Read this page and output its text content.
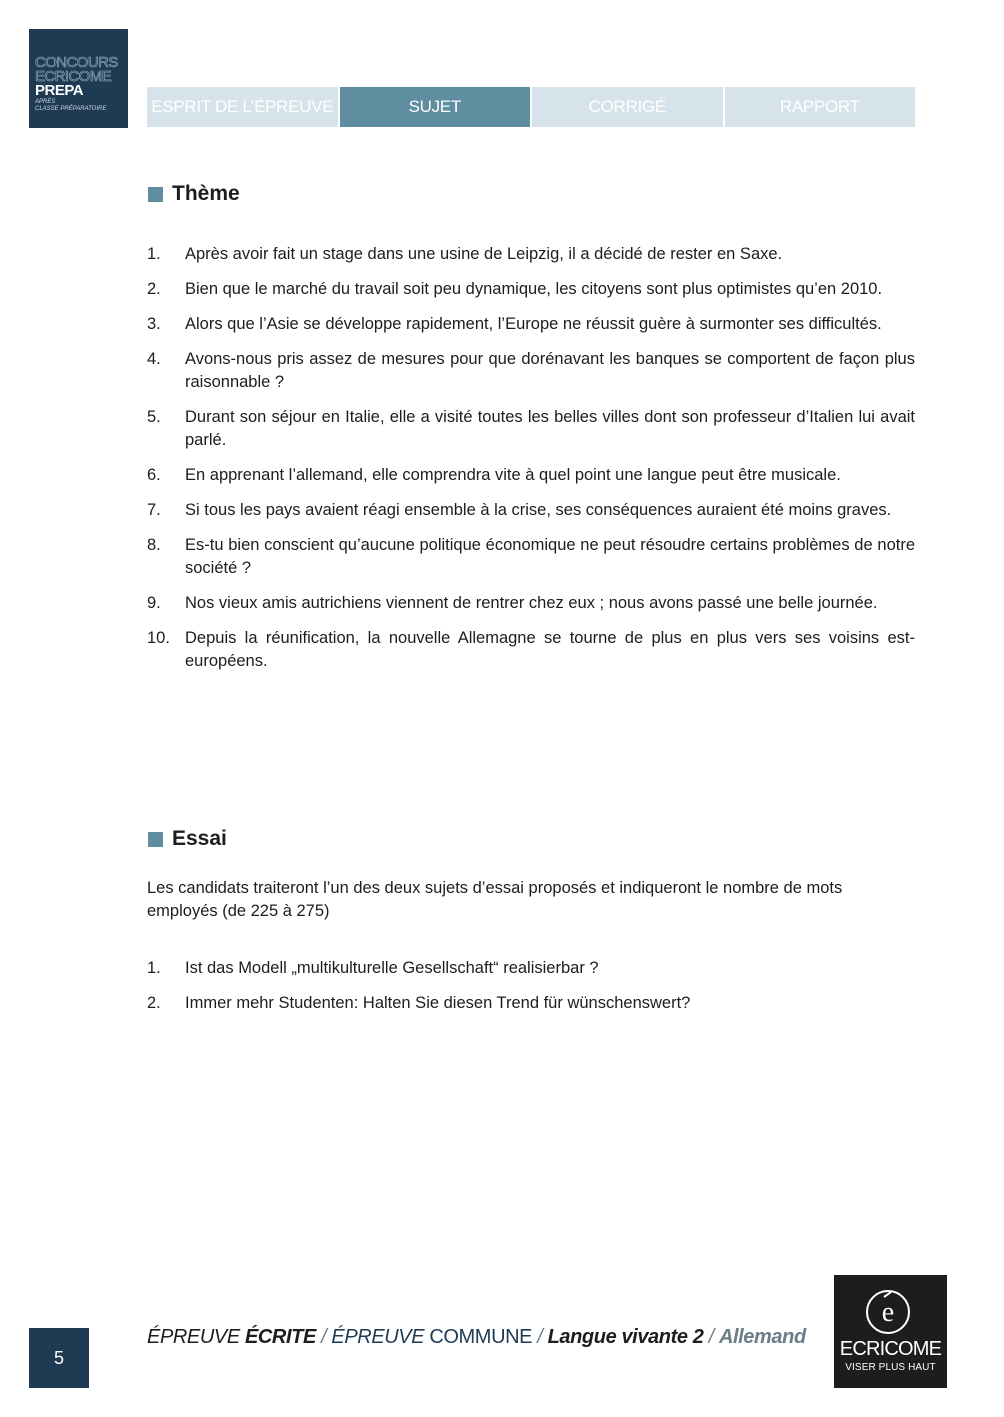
CONCOURS
ECRICOME
PREPA
APRÈS
CLASSE PRÉPARATOIRE	ESPRIT DE L’ÉPREUVE	SUJET	CORRIGÉ	RAPPORT
Thème
1.	Après avoir fait un stage dans une usine de Leipzig, il a décidé de rester en Saxe.
2.	Bien que le marché du travail soit peu dynamique, les citoyens sont plus optimistes qu’en 2010.
3.	Alors que l’Asie se développe rapidement, l’Europe ne réussit guère à surmonter ses difficultés.
4.	Avons-nous pris assez de mesures pour que dorénavant les banques se comportent de façon plus raisonnable ?
5.	Durant son séjour en Italie, elle a visité toutes les belles villes dont son professeur d’Italien lui avait parlé.
6.	En apprenant l’allemand, elle comprendra vite à quel point une langue peut être musicale.
7.	Si tous les pays avaient réagi ensemble à la crise, ses conséquences auraient été moins graves.
8.	Es-tu bien conscient qu’aucune politique économique ne peut résoudre certains problèmes de notre société ?
9.	Nos vieux amis autrichiens viennent de rentrer chez eux ; nous avons passé une belle journée.
10. Depuis la réunification, la nouvelle Allemagne se tourne de plus en plus vers ses voisins est-européens.
Essai

Les candidats traiteront l’un des deux sujets d’essai proposés et indiqueront le nombre de mots employés (de 225 à 275)

1.	Ist das Modell „multikulturelle Gesellschaft“ realisierbar ?
2.	Immer mehr Studenten: Halten Sie diesen Trend für wünschenswert?
5
ÉPREUVE ÉCRITE / ÉPREUVE COMMUNE / Langue vivante 2 / Allemand
e
ECRICOME
VISER PLUS HAUT
